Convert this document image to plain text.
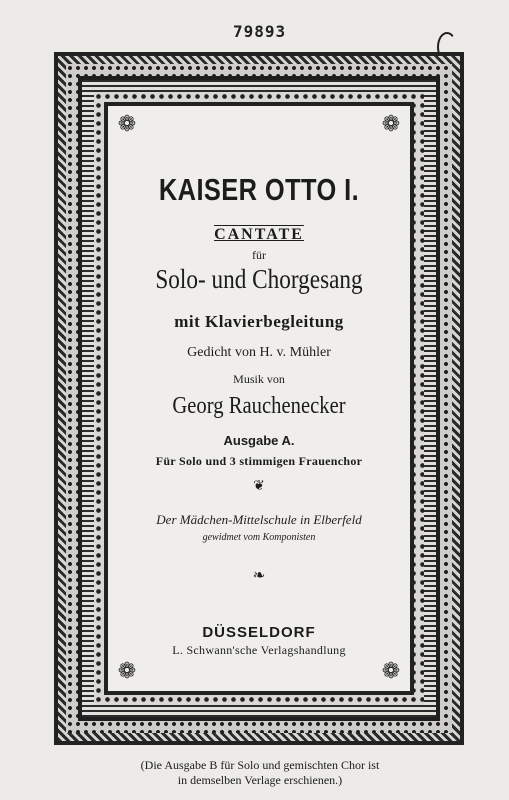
79893
❁	❁
❁	❁
KAISER OTTO I.
CANTATE
für
Solo- und Chorgesang
mit Klavierbegleitung
Gedicht von H. v. Mühler
Musik von
Georg Rauchenecker
Ausgabe A.
Für Solo und 3 stimmigen Frauenchor
❦
Der Mädchen-Mittelschule in Elberfeld
gewidmet vom Komponisten
❧
DÜSSELDORF
L. Schwann'sche Verlagshandlung
(Die Ausgabe B für Solo und gemischten Chor ist
in demselben Verlage erschienen.)
